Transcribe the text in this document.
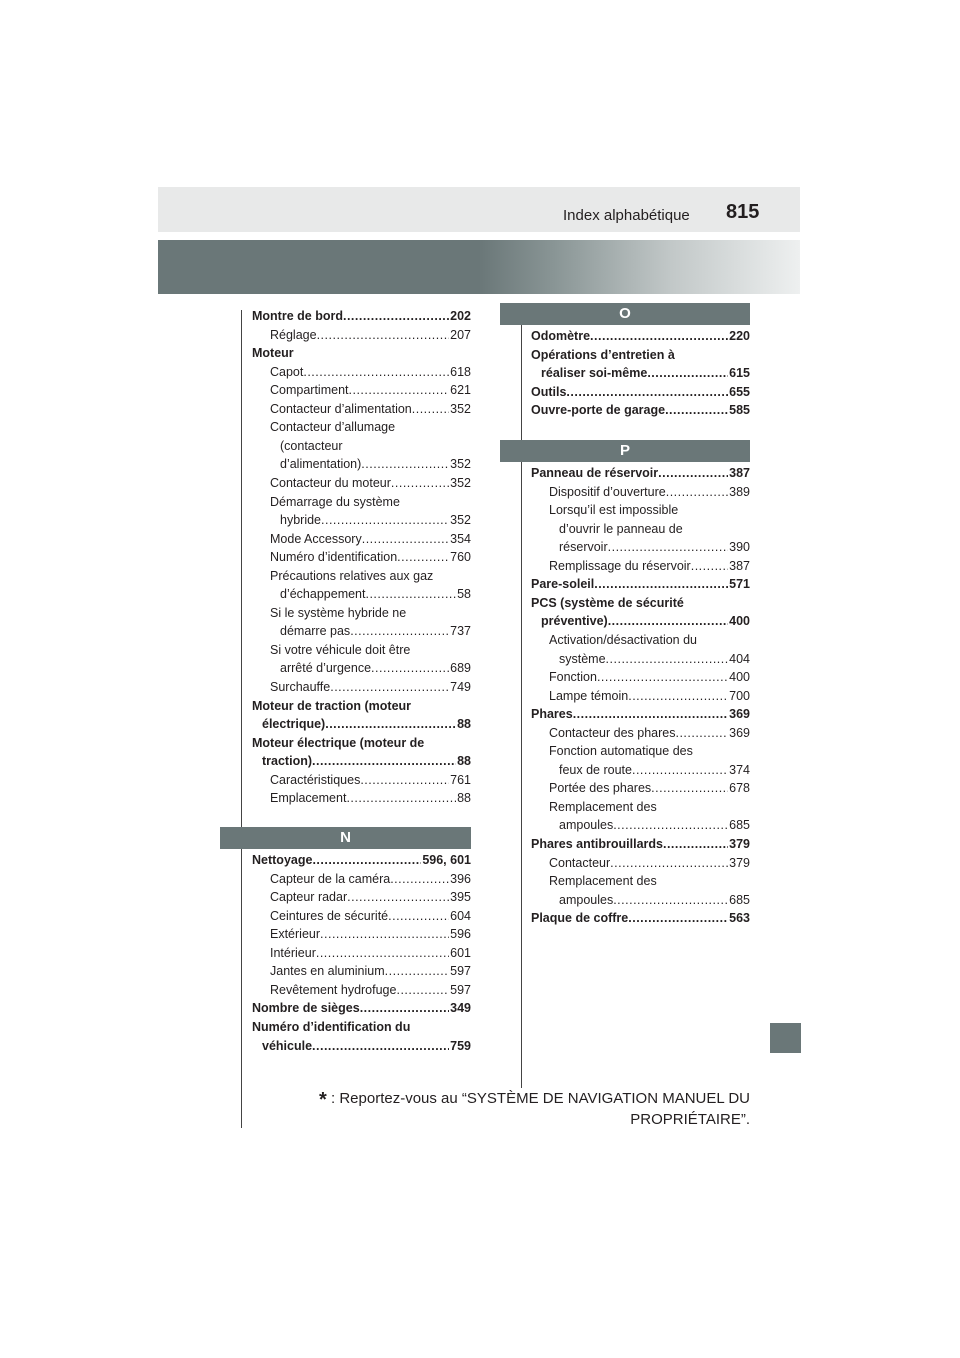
Index alphabétique 815
Montre de bord .....	202
Réglage .....	207
Moteur
Capot .....	618
Compartiment .....	621
Contacteur d’alimentation .....	352
Contacteur d’allumage
(contacteur
d’alimentation) .....	352
Contacteur du moteur .....	352
Démarrage du système
hybride .....	352
Mode Accessory .....	354
Numéro d’identification .....	760
Précautions relatives aux gaz
d’échappement .....	58
Si le système hybride ne
démarre pas .....	737
Si votre véhicule doit être
arrêté d’urgence .....	689
Surchauffe .....	749
Moteur de traction (moteur
électrique) .....	88
Moteur électrique (moteur de
traction) .....	88
Caractéristiques .....	761
Emplacement .....	88
N
Nettoyage .....	596, 601
Capteur de la caméra .....	396
Capteur radar .....	395
Ceintures de sécurité .....	604
Extérieur .....	596
Intérieur .....	601
Jantes en aluminium .....	597
Revêtement hydrofuge .....	597
Nombre de sièges .....	349
Numéro d’identification du
véhicule .....	759
O
Odomètre .....	220
Opérations d’entretien à
réaliser soi-même .....	615
Outils .....	655
Ouvre-porte de garage .....	585
P
Panneau de réservoir .....	387
Dispositif d’ouverture .....	389
Lorsqu’il est impossible
d’ouvrir le panneau de
réservoir .....	390
Remplissage du réservoir .....	387
Pare-soleil .....	571
PCS (système de sécurité
préventive) .....	400
Activation/désactivation du
système .....	404
Fonction .....	400
Lampe témoin .....	700
Phares .....	369
Contacteur des phares .....	369
Fonction automatique des
feux de route .....	374
Portée des phares .....	678
Remplacement des
ampoules .....	685
Phares antibrouillards .....	379
Contacteur .....	379
Remplacement des
ampoules .....	685
Plaque de coffre .....	563
* : Reportez-vous au “SYSTÈME DE NAVIGATION MANUEL DU
PROPRIÉTAIRE”.
